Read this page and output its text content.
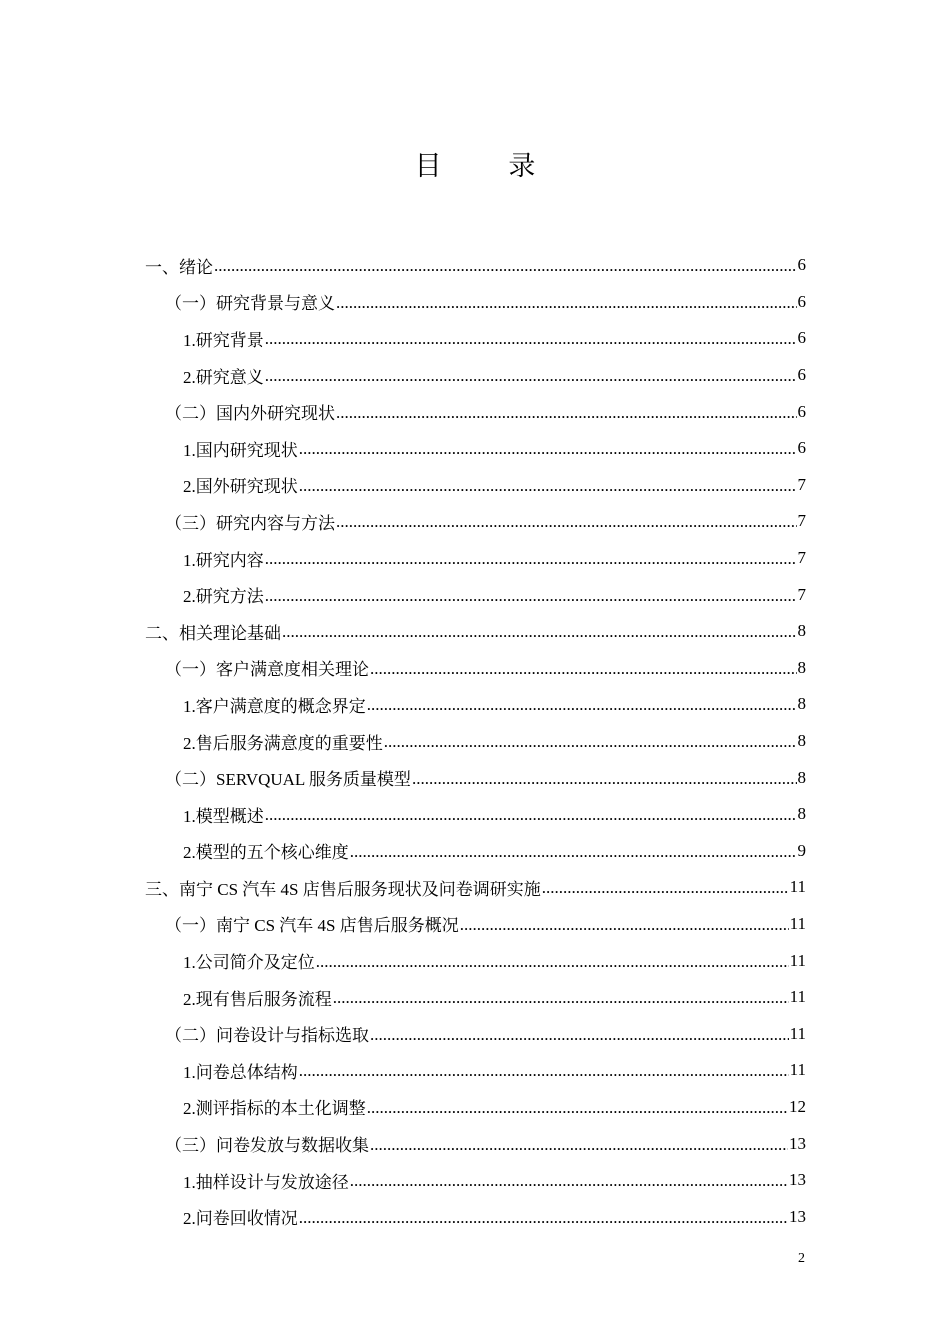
目 录
一、绪论 .....	6
（一）研究背景与意义 .....	6
1.研究背景 .....	6
2.研究意义 .....	6
（二）国内外研究现状 .....	6
1.国内研究现状 .....	6
2.国外研究现状 .....	7
（三）研究内容与方法 .....	7
1.研究内容 .....	7
2.研究方法 .....	7
二、相关理论基础 .....	8
（一）客户满意度相关理论 .....	8
1.客户满意度的概念界定 .....	8
2.售后服务满意度的重要性 .....	8
（二）SERVQUAL 服务质量模型 .....	8
1.模型概述 .....	8
2.模型的五个核心维度 .....	9
三、南宁 CS 汽车 4S 店售后服务现状及问卷调研实施 .....	11
（一）南宁 CS 汽车 4S 店售后服务概况 .....	11
1.公司简介及定位 .....	11
2.现有售后服务流程 .....	11
（二）问卷设计与指标选取 .....	11
1.问卷总体结构 .....	11
2.测评指标的本土化调整 .....	12
（三）问卷发放与数据收集 .....	13
1.抽样设计与发放途径 .....	13
2.问卷回收情况 .....	13
2
